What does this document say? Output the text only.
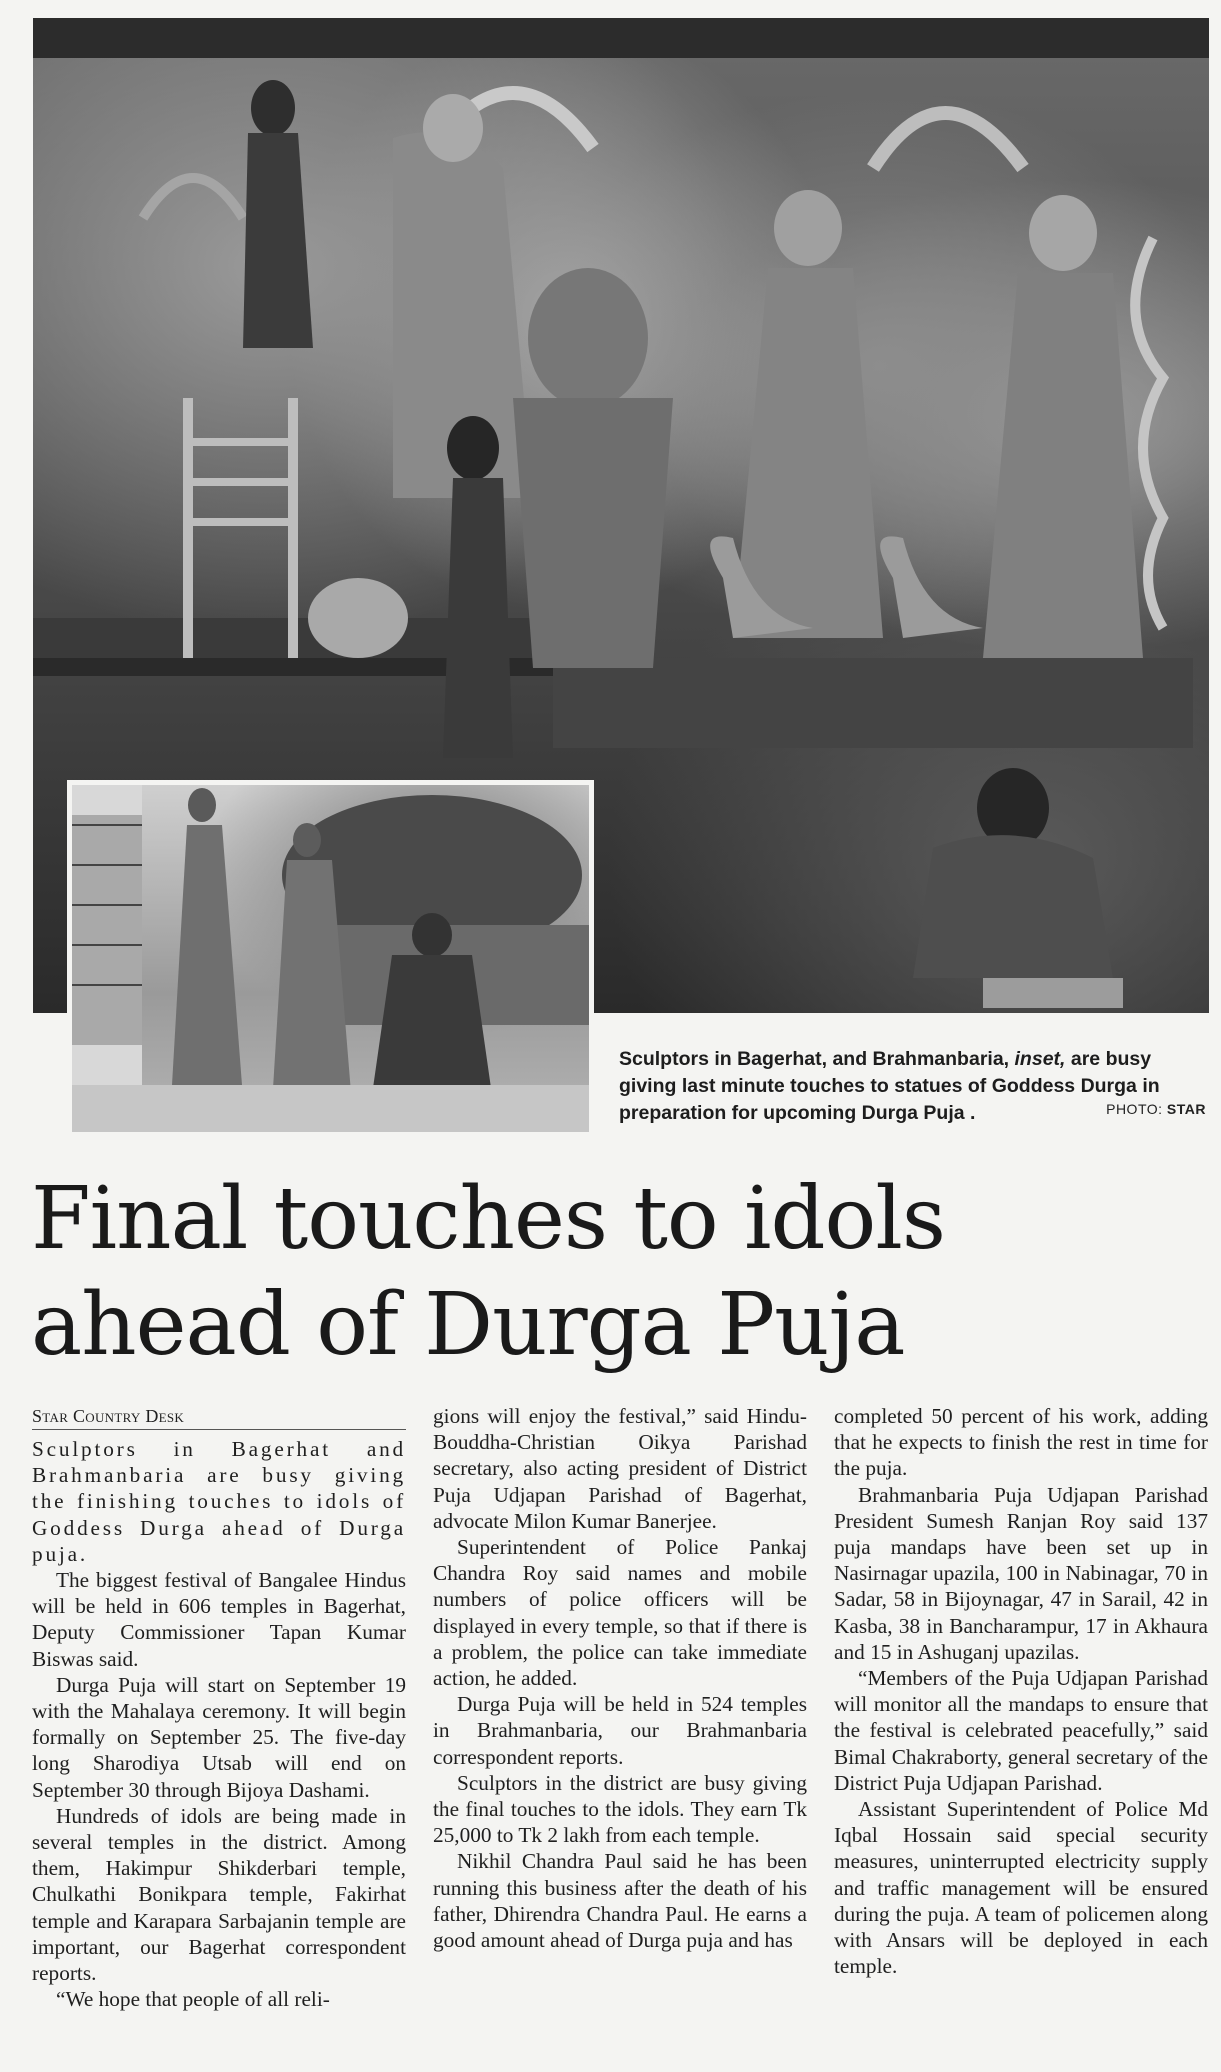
Sculptors in Bagerhat, and Brahmanbaria, inset, are busy giving last minute touches to statues of Goddess Durga in preparation for upcoming Durga Puja .	PHOTO: STAR
Final touches to idols ahead of Durga Puja
Star Country Desk

Sculptors in Bagerhat and Brahmanbaria are busy giving the finishing touches to idols of Goddess Durga ahead of Durga puja.

The biggest festival of Bangalee Hindus will be held in 606 temples in Bagerhat, Deputy Commissioner Tapan Kumar Biswas said.

Durga Puja will start on September 19 with the Mahalaya ceremony. It will begin formally on September 25. The five-day long Sharodiya Utsab will end on September 30 through Bijoya Dashami.

Hundreds of idols are being made in several temples in the district. Among them, Hakimpur Shikderbari temple, Chulkathi Bonikpara temple, Fakirhat temple and Karapara Sarbajanin temple are important, our Bagerhat correspondent reports.

“We hope that people of all reli-

gions will enjoy the festival,” said Hindu-Bouddha-Christian Oikya Parishad secretary, also acting president of District Puja Udjapan Parishad of Bagerhat, advocate Milon Kumar Banerjee.

Superintendent of Police Pankaj Chandra Roy said names and mobile numbers of police officers will be displayed in every temple, so that if there is a problem, the police can take immediate action, he added.

Durga Puja will be held in 524 temples in Brahmanbaria, our Brahmanbaria correspondent reports.

Sculptors in the district are busy giving the final touches to the idols. They earn Tk 25,000 to Tk 2 lakh from each temple.

Nikhil Chandra Paul said he has been running this business after the death of his father, Dhirendra Chandra Paul. He earns a good amount ahead of Durga puja and has

completed 50 percent of his work, adding that he expects to finish the rest in time for the puja.

Brahmanbaria Puja Udjapan Parishad President Sumesh Ranjan Roy said 137 puja mandaps have been set up in Nasirnagar upazila, 100 in Nabinagar, 70 in Sadar, 58 in Bijoynagar, 47 in Sarail, 42 in Kasba, 38 in Bancharampur, 17 in Akhaura and 15 in Ashuganj upazilas.

“Members of the Puja Udjapan Parishad will monitor all the mandaps to ensure that the festival is celebrated peacefully,” said Bimal Chakraborty, general secretary of the District Puja Udjapan Parishad.

Assistant Superintendent of Police Md Iqbal Hossain said special security measures, uninterrupted electricity supply and traffic management will be ensured during the puja. A team of policemen along with Ansars will be deployed in each temple.
